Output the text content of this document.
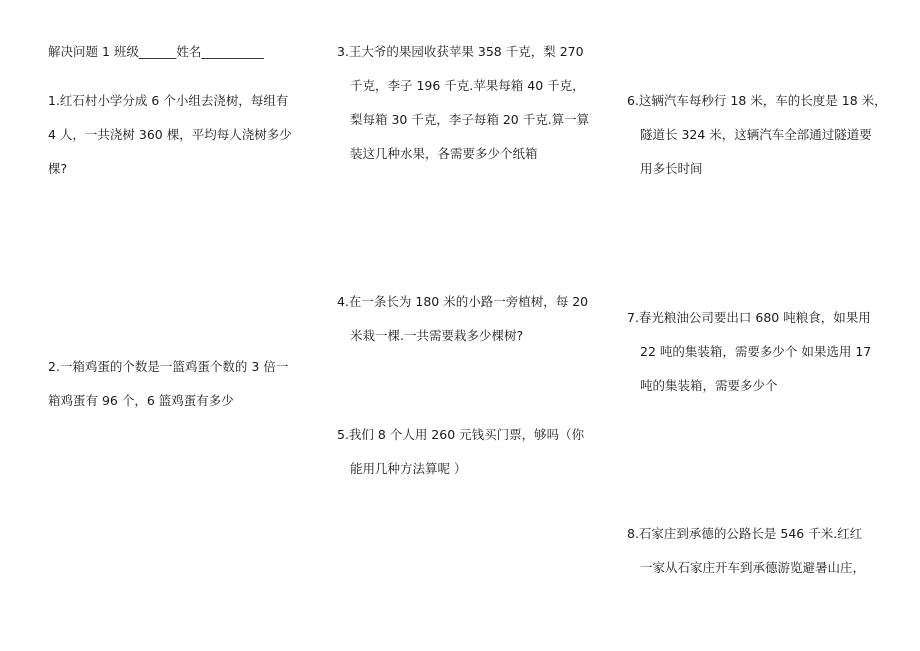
解决问题 1 班级______姓名__________
1.红石村小学分成 6 个小组去浇树，每组有
4 人，一共浇树 360 棵，平均每人浇树多少
棵?
2.一箱鸡蛋的个数是一篮鸡蛋个数的 3 倍一
箱鸡蛋有 96 个，6 篮鸡蛋有多少
3.王大爷的果园收获苹果 358 千克，梨 270
千克，李子 196 千克.苹果每箱 40 千克，
梨每箱 30 千克，李子每箱 20 千克.算一算
装这几种水果，各需要多少个纸箱
4.在一条长为 180 米的小路一旁植树，每 20
米栽一棵.一共需要栽多少棵树?
5.我们 8 个人用 260 元钱买门票，够吗（你
能用几种方法算呢 ）
6.这辆汽车每秒行 18 米，车的长度是 18 米，
隧道长 324 米，这辆汽车全部通过隧道要
用多长时间
7.春光粮油公司要出口 680 吨粮食，如果用
22 吨的集装箱，需要多少个 如果选用 17
吨的集装箱，需要多少个
8.石家庄到承德的公路长是 546 千米.红红
一家从石家庄开车到承德游览避暑山庄，
